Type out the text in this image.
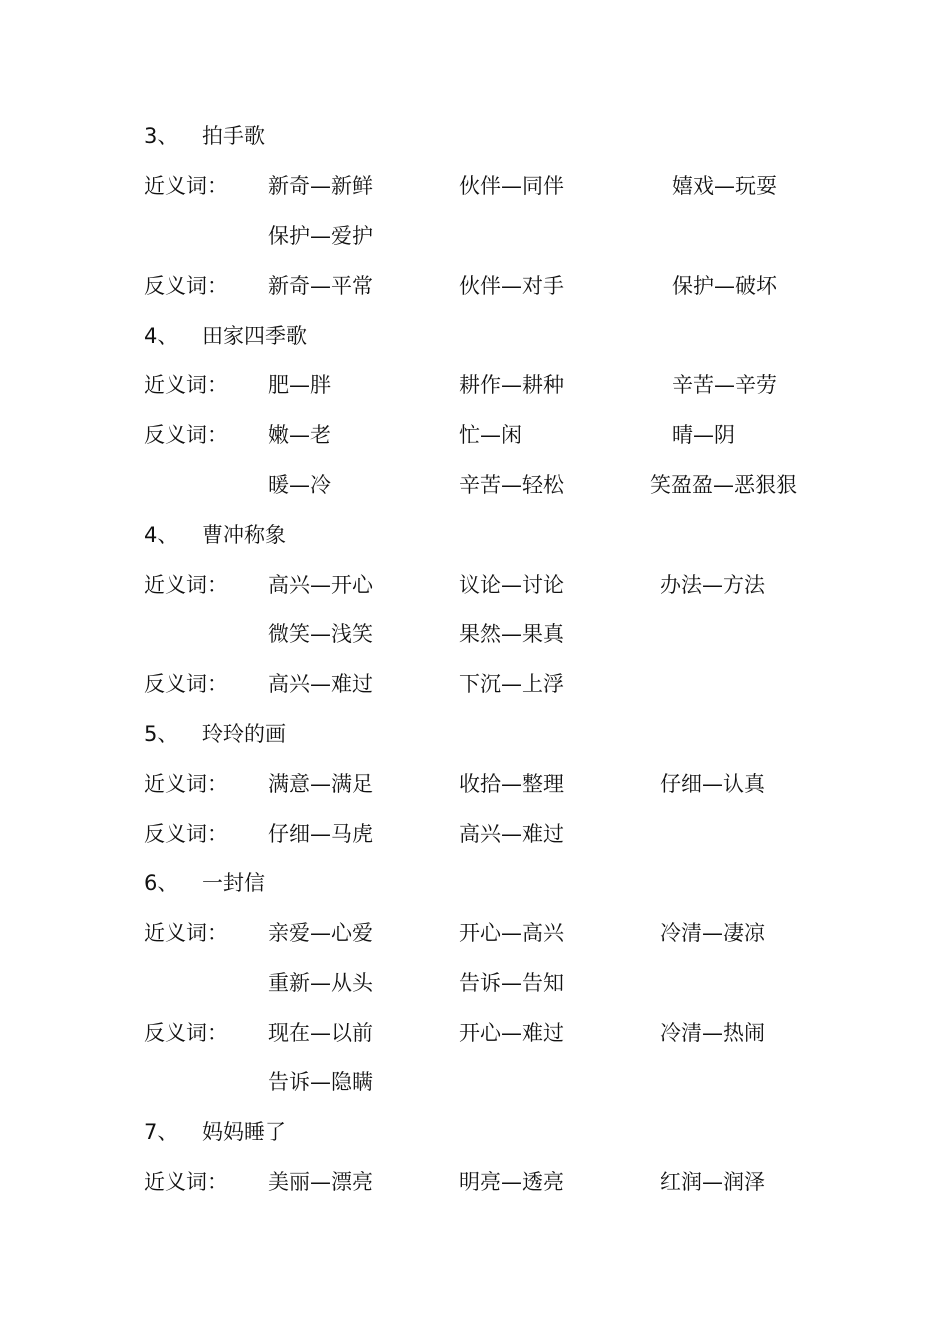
3、 拍手歌
近义词： 新奇—新鲜	伙伴—同伴	嬉戏—玩耍
保护—爱护
反义词： 新奇—平常	伙伴—对手	保护—破坏
4、 田家四季歌
近义词： 肥—胖	耕作—耕种	辛苦—辛劳
反义词： 嫩—老	忙—闲	晴—阴
暖—冷	辛苦—轻松	笑盈盈—恶狠狠
4、 曹冲称象
近义词： 高兴—开心	议论—讨论	办法—方法
微笑—浅笑	果然—果真
反义词： 高兴—难过	下沉—上浮
5、 玲玲的画
近义词： 满意—满足	收拾—整理	仔细—认真
反义词： 仔细—马虎	高兴—难过
6、 一封信
近义词： 亲爱—心爱	开心—高兴	冷清—凄凉
重新—从头	告诉—告知
反义词： 现在—以前	开心—难过	冷清—热闹
告诉—隐瞒
7、 妈妈睡了
近义词： 美丽—漂亮	明亮—透亮	红润—润泽
